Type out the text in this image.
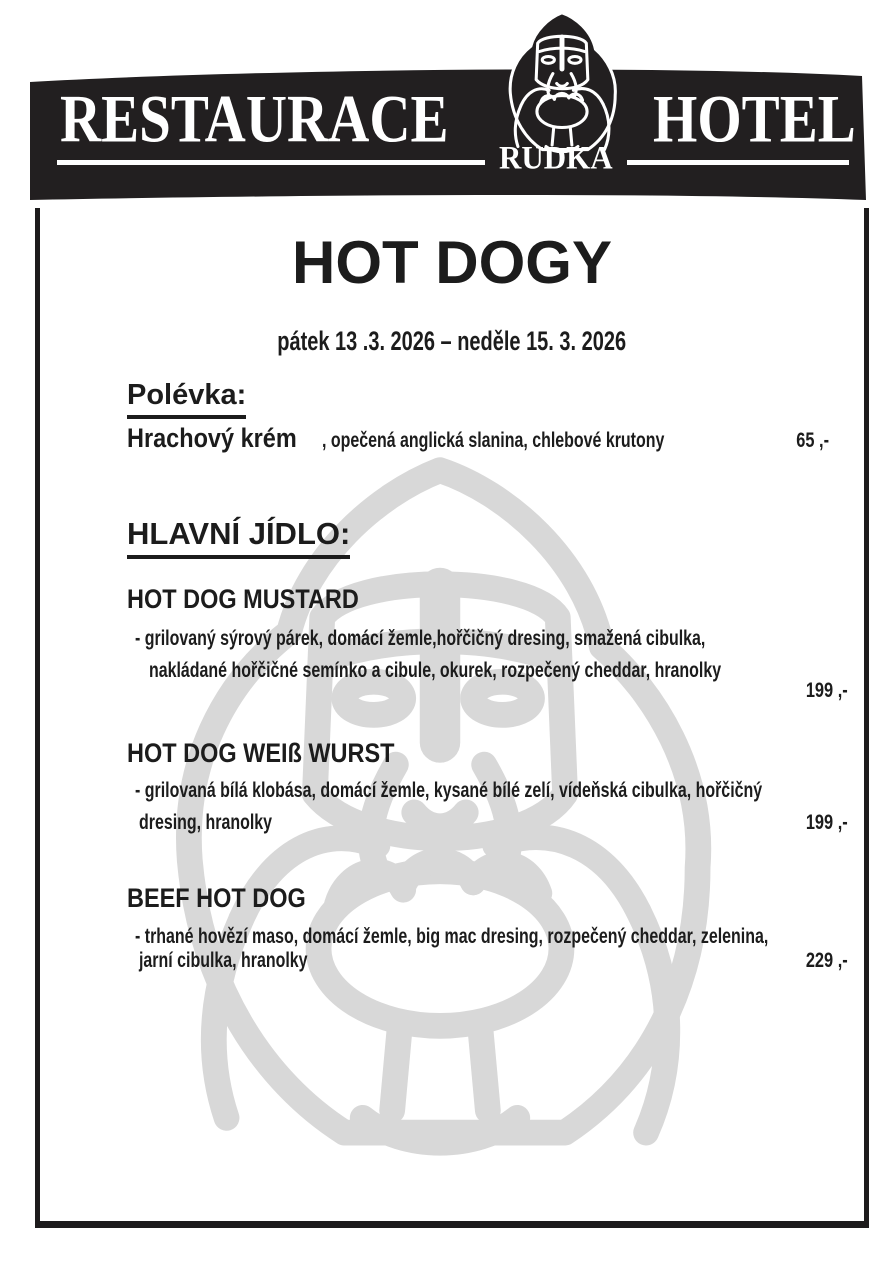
RESTAURACE	HOTEL
RUDKA
HOT DOGY
pátek 13 .3. 2026 – neděle 15. 3. 2026
Polévka:
Hrachový krém , opečená anglická slanina, chlebové krutony	65 ,-
HLAVNÍ JÍDLO:
HOT DOG MUSTARD
- grilovaný sýrový párek, domácí žemle,hořčičný dresing, smažená cibulka,
nakládané hořčičné semínko a cibule, okurek, rozpečený cheddar, hranolky
199 ,-
HOT DOG WEIß WURST
- grilovaná bílá klobása, domácí žemle, kysané bílé zelí, vídeňská cibulka, hořčičný
dresing, hranolky	199 ,-
BEEF HOT DOG
- trhané hovězí maso, domácí žemle, big mac dresing, rozpečený cheddar, zelenina,
jarní cibulka, hranolky	229 ,-
